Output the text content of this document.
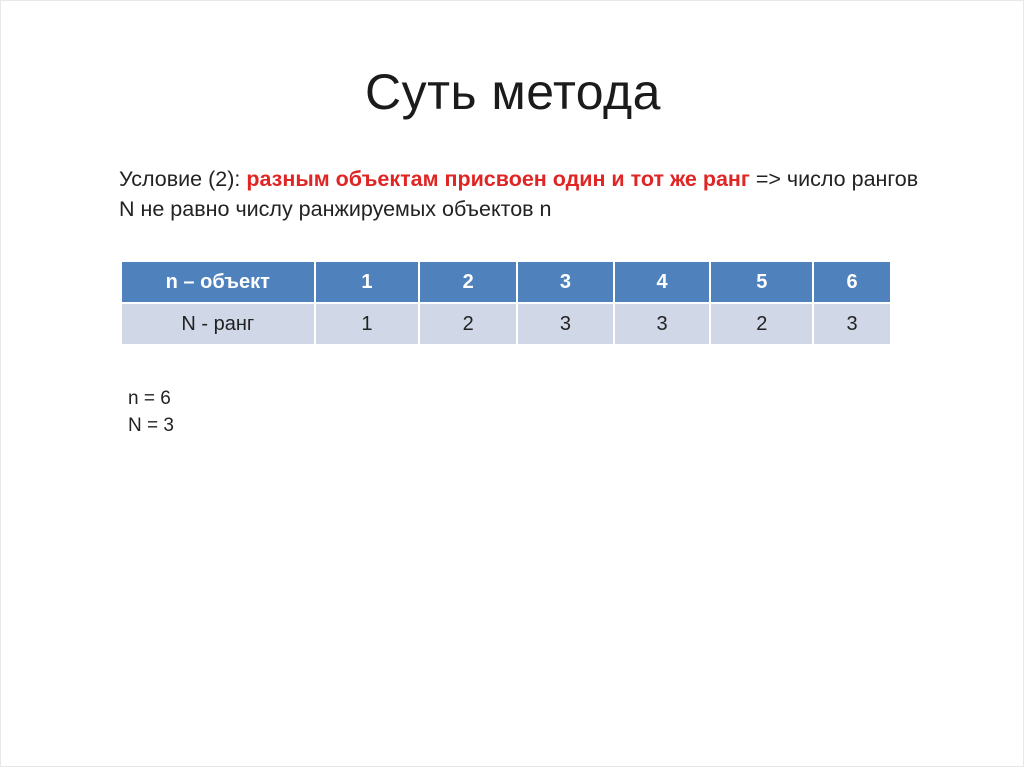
Суть метода
Условие (2): разным объектам присвоен один и тот же ранг => число рангов N не равно числу ранжируемых объектов n
n – объект	1	2	3	4	5	6
N - ранг	1	2	3	3	2	3
n = 6
N = 3
